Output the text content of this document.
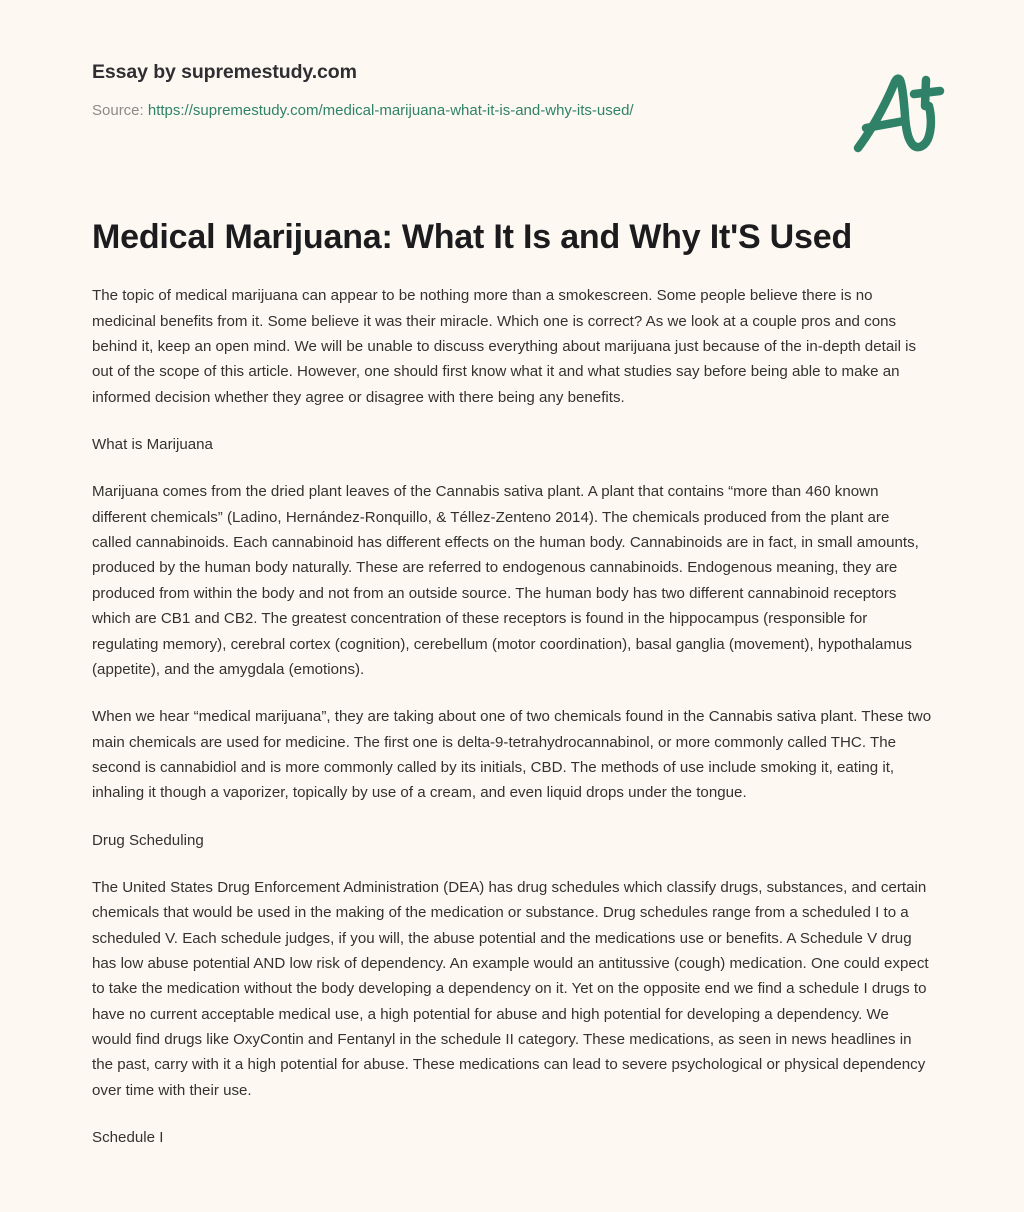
Essay by supremestudy.com
Source: https://supremestudy.com/medical-marijuana-what-it-is-and-why-its-used/
Medical Marijuana: What It Is and Why It'S Used

The topic of medical marijuana can appear to be nothing more than a smokescreen. Some people believe there is no medicinal benefits from it. Some believe it was their miracle. Which one is correct? As we look at a couple pros and cons behind it, keep an open mind. We will be unable to discuss everything about marijuana just because of the in-depth detail is out of the scope of this article. However, one should first know what it and what studies say before being able to make an informed decision whether they agree or disagree with there being any benefits.

What is Marijuana

Marijuana comes from the dried plant leaves of the Cannabis sativa plant. A plant that contains “more than 460 known different chemicals” (Ladino, Hernández-Ronquillo, & Téllez-Zenteno 2014). The chemicals produced from the plant are called cannabinoids. Each cannabinoid has different effects on the human body. Cannabinoids are in fact, in small amounts, produced by the human body naturally. These are referred to endogenous cannabinoids. Endogenous meaning, they are produced from within the body and not from an outside source. The human body has two different cannabinoid receptors which are CB1 and CB2. The greatest concentration of these receptors is found in the hippocampus (responsible for regulating memory), cerebral cortex (cognition), cerebellum (motor coordination), basal ganglia (movement), hypothalamus (appetite), and the amygdala (emotions).

When we hear “medical marijuana”, they are taking about one of two chemicals found in the Cannabis sativa plant. These two main chemicals are used for medicine. The first one is delta-9-tetrahydrocannabinol, or more commonly called THC. The second is cannabidiol and is more commonly called by its initials, CBD. The methods of use include smoking it, eating it, inhaling it though a vaporizer, topically by use of a cream, and even liquid drops under the tongue.

Drug Scheduling

The United States Drug Enforcement Administration (DEA) has drug schedules which classify drugs, substances, and certain chemicals that would be used in the making of the medication or substance. Drug schedules range from a scheduled I to a scheduled V. Each schedule judges, if you will, the abuse potential and the medications use or benefits. A Schedule V drug has low abuse potential AND low risk of dependency. An example would an antitussive (cough) medication. One could expect to take the medication without the body developing a dependency on it. Yet on the opposite end we find a schedule I drugs to have no current acceptable medical use, a high potential for abuse and high potential for developing a dependency. We would find drugs like OxyContin and Fentanyl in the schedule II category. These medications, as seen in news headlines in the past, carry with it a high potential for abuse. These medications can lead to severe psychological or physical dependency over time with their use.

Schedule I
